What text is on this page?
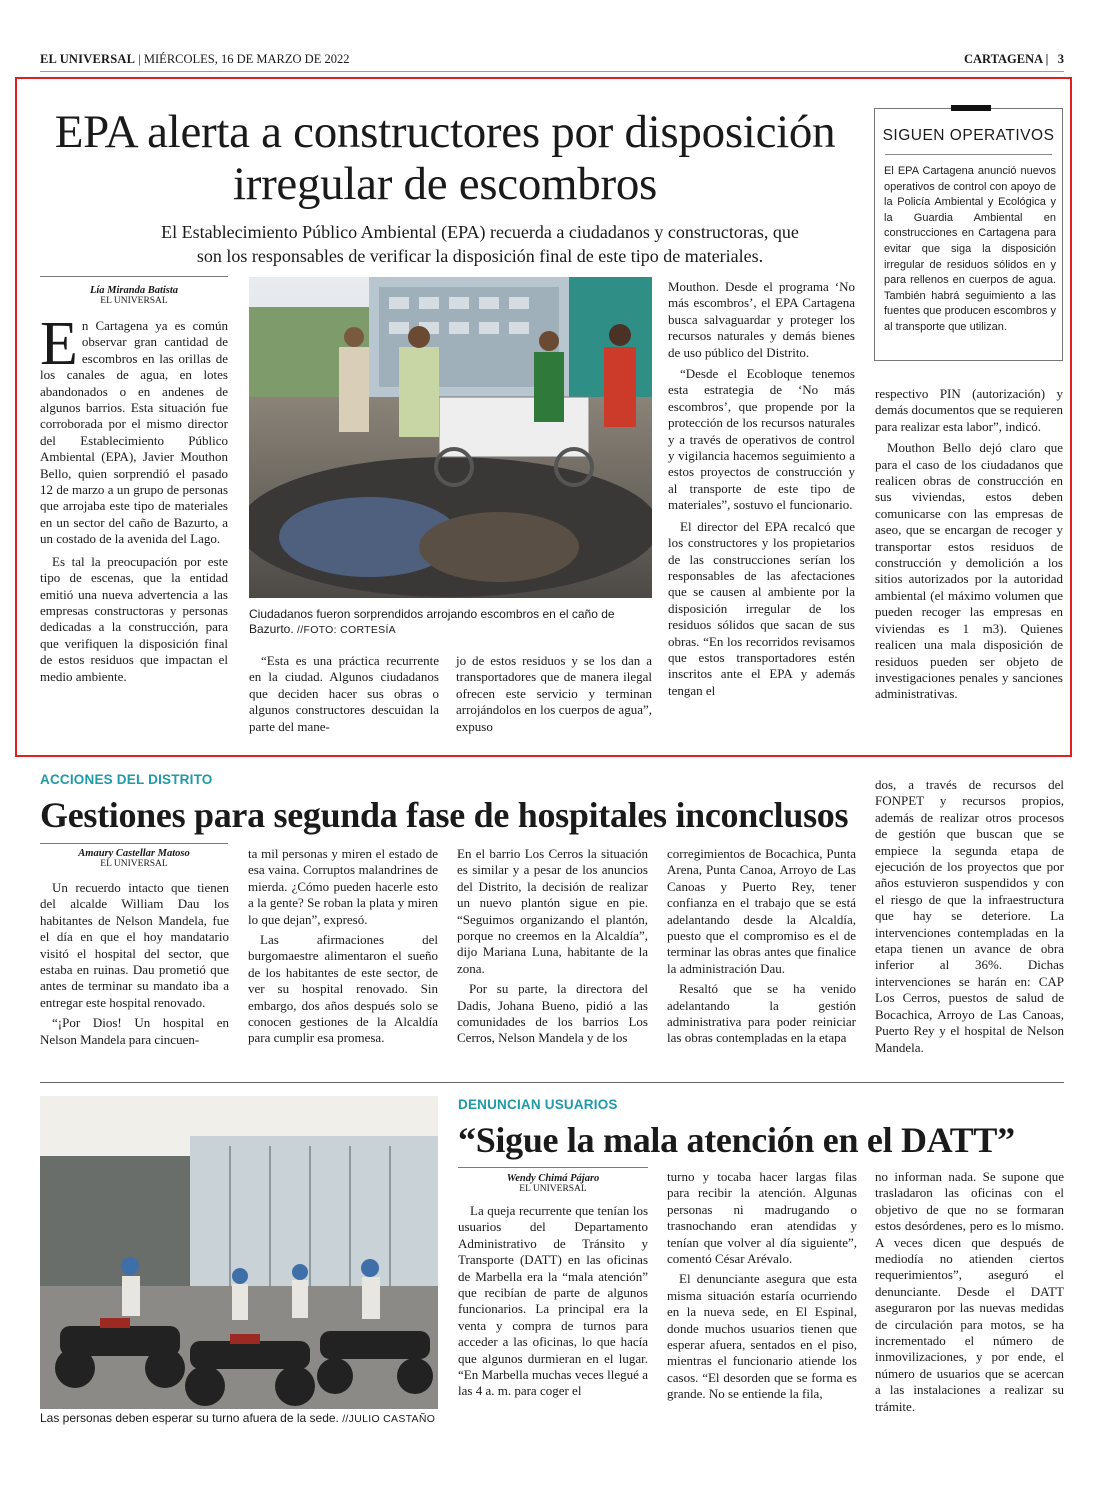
EL UNIVERSAL | MIÉRCOLES, 16 DE MARZO DE 2022	CARTAGENA |   3
EPA alerta a constructores por disposición irregular de escombros
El Establecimiento Público Ambiental (EPA) recuerda a ciudadanos y constructoras, que son los responsables de verificar la disposición final de este tipo de materiales.
Lía Miranda Batista
EL UNIVERSAL

En Cartagena ya es común observar gran cantidad de escombros en las orillas de los canales de agua, en lotes abandonados o en andenes de algunos barrios. Esta situación fue corroborada por el mismo director del Establecimiento Público Ambiental (EPA), Javier Mouthon Bello, quien sorprendió el pasado 12 de marzo a un grupo de personas que arrojaba este tipo de materiales en un sector del caño de Bazurto, a un costado de la avenida del Lago.

Es tal la preocupación por este tipo de escenas, que la entidad emitió una nueva advertencia a las empresas constructoras y personas dedicadas a la construcción, para que verifiquen la disposición final de estos residuos que impactan el medio ambiente.

Ciudadanos fueron sorprendidos arrojando escombros en el caño de Bazurto. //FOTO: CORTESÍA

“Esta es una práctica recurrente en la ciudad. Algunos ciudadanos que deciden hacer sus obras o algunos constructores descuidan la parte del mane-

jo de estos residuos y se los dan a transportadores que de manera ilegal ofrecen este servicio y terminan arrojándolos en los cuerpos de agua”, expuso

Mouthon. Desde el programa ‘No más escombros’, el EPA Cartagena busca salvaguardar y proteger los recursos naturales y demás bienes de uso público del Distrito.

“Desde el Ecobloque tenemos esta estrategia de ‘No más escombros’, que propende por la protección de los recursos naturales y a través de operativos de control y vigilancia hacemos seguimiento a estos proyectos de construcción y al transporte de este tipo de materiales”, sostuvo el funcionario.

El director del EPA recalcó que los constructores y los propietarios de las construcciones serían los responsables de las afectaciones que se causen al ambiente por la disposición irregular de los residuos sólidos que sacan de sus obras. “En los recorridos revisamos que estos transportadores estén inscritos ante el EPA y además tengan el

SIGUEN OPERATIVOS
El EPA Cartagena anunció nuevos operativos de control con apoyo de la Policía Ambiental y Ecológica y la Guardia Ambiental en construcciones en Cartagena para evitar que siga la disposición irregular de residuos sólidos en y para rellenos en cuerpos de agua. También habrá seguimiento a las fuentes que producen escombros y al transporte que utilizan.

respectivo PIN (autorización) y demás documentos que se requieren para realizar esta labor”, indicó.

Mouthon Bello dejó claro que para el caso de los ciudadanos que realicen obras de construcción en sus viviendas, estos deben comunicarse con las empresas de aseo, que se encargan de recoger y transportar estos residuos de construcción y demolición a los sitios autorizados por la autoridad ambiental (el máximo volumen que pueden recoger las empresas en viviendas es 1 m3). Quienes realicen una mala disposición de residuos pueden ser objeto de investigaciones penales y sanciones administrativas.

ACCIONES DEL DISTRITO
Gestiones para segunda fase de hospitales inconclusos
Amaury Castellar Matoso
EL UNIVERSAL

Un recuerdo intacto que tienen del alcalde William Dau los habitantes de Nelson Mandela, fue el día en que el hoy mandatario visitó el hospital del sector, que estaba en ruinas. Dau prometió que antes de terminar su mandato iba a entregar este hospital renovado.

“¡Por Dios! Un hospital en Nelson Mandela para cincuen-

ta mil personas y miren el estado de esa vaina. Corruptos malandrines de mierda. ¿Cómo pueden hacerle esto a la gente? Se roban la plata y miren lo que dejan”, expresó.

Las afirmaciones del burgomaestre alimentaron el sueño de los habitantes de este sector, de ver su hospital renovado. Sin embargo, dos años después solo se conocen gestiones de la Alcaldía para cumplir esa promesa.

En el barrio Los Cerros la situación es similar y a pesar de los anuncios del Distrito, la decisión de realizar un nuevo plantón sigue en pie. “Seguimos organizando el plantón, porque no creemos en la Alcaldía”, dijo Mariana Luna, habitante de la zona.

Por su parte, la directora del Dadis, Johana Bueno, pidió a las comunidades de los barrios Los Cerros, Nelson Mandela y de los

corregimientos de Bocachica, Punta Arena, Punta Canoa, Arroyo de Las Canoas y Puerto Rey, tener confianza en el trabajo que se está adelantando desde la Alcaldía, puesto que el compromiso es el de terminar las obras antes que finalice la administración Dau.

Resaltó que se ha venido adelantando la gestión administrativa para poder reiniciar las obras contempladas en la etapa

dos, a través de recursos del FONPET y recursos propios, además de realizar otros procesos de gestión que buscan que se empiece la segunda etapa de ejecución de los proyectos que por años estuvieron suspendidos y con el riesgo de que la infraestructura que hay se deteriore. La intervenciones contempladas en la etapa tienen un avance de obra inferior al 36%. Dichas intervenciones se harán en: CAP Los Cerros, puestos de salud de Bocachica, Arroyo de Las Canoas, Puerto Rey y el hospital de Nelson Mandela.

Las personas deben esperar su turno afuera de la sede. //JULIO CASTAÑO
DENUNCIAN USUARIOS
“Sigue la mala atención en el DATT”
Wendy Chimá Pájaro
EL UNIVERSAL

La queja recurrente que tenían los usuarios del Departamento Administrativo de Tránsito y Transporte (DATT) en las oficinas de Marbella era la “mala atención” que recibían de parte de algunos funcionarios. La principal era la venta y compra de turnos para acceder a las oficinas, lo que hacía que algunos durmieran en el lugar. “En Marbella muchas veces llegué a las 4 a. m. para coger el

turno y tocaba hacer largas filas para recibir la atención. Algunas personas ni madrugando o trasnochando eran atendidas y tenían que volver al día siguiente”, comentó César Arévalo.

El denunciante asegura que esta misma situación estaría ocurriendo en la nueva sede, en El Espinal, donde muchos usuarios tienen que esperar afuera, sentados en el piso, mientras el funcionario atiende los casos. “El desorden que se forma es grande. No se entiende la fila,

no informan nada. Se supone que trasladaron las oficinas con el objetivo de que no se formaran estos desórdenes, pero es lo mismo. A veces dicen que después de mediodía no atienden ciertos requerimientos”, aseguró el denunciante. Desde el DATT aseguraron por las nuevas medidas de circulación para motos, se ha incrementado el número de inmovilizaciones, y por ende, el número de usuarios que se acercan a las instalaciones a realizar su trámite.
